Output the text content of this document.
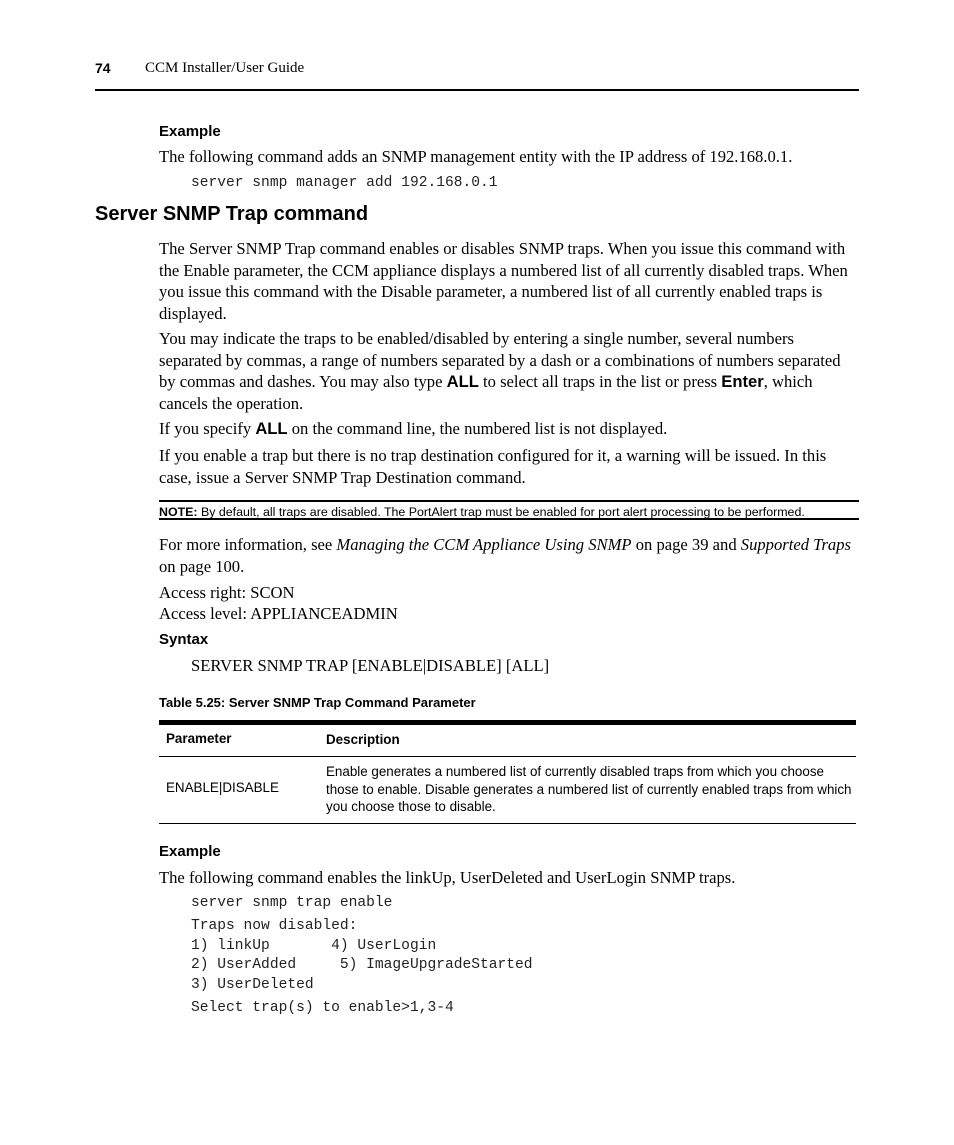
74 CCM Installer/User Guide
Example
The following command adds an SNMP management entity with the IP address of 192.168.0.1.
server snmp manager add 192.168.0.1
Server SNMP Trap command
The Server SNMP Trap command enables or disables SNMP traps. When you issue this command with the Enable parameter, the CCM appliance displays a numbered list of all currently disabled traps. When you issue this command with the Disable parameter, a numbered list of all currently enabled traps is displayed.
You may indicate the traps to be enabled/disabled by entering a single number, several numbers separated by commas, a range of numbers separated by a dash or a combinations of numbers separated by commas and dashes. You may also type ALL to select all traps in the list or press Enter, which cancels the operation.
If you specify ALL on the command line, the numbered list is not displayed.
If you enable a trap but there is no trap destination configured for it, a warning will be issued. In this case, issue a Server SNMP Trap Destination command.
NOTE: By default, all traps are disabled. The PortAlert trap must be enabled for port alert processing to be performed.
For more information, see Managing the CCM Appliance Using SNMP on page 39 and Supported Traps on page 100.
Access right: SCON
Access level: APPLIANCEADMIN
Syntax
SERVER SNMP TRAP [ENABLE|DISABLE] [ALL]
Table 5.25: Server SNMP Trap Command Parameter
Parameter	Description
ENABLE|DISABLE
Enable generates a numbered list of currently disabled traps from which you choose those to enable. Disable generates a numbered list of currently enabled traps from which you choose those to disable.
Example
The following command enables the linkUp, UserDeleted and UserLogin SNMP traps.
server snmp trap enable
Traps now disabled:
1) linkUp       4) UserLogin
2) UserAdded     5) ImageUpgradeStarted
3) UserDeleted
Select trap(s) to enable>1,3-4
